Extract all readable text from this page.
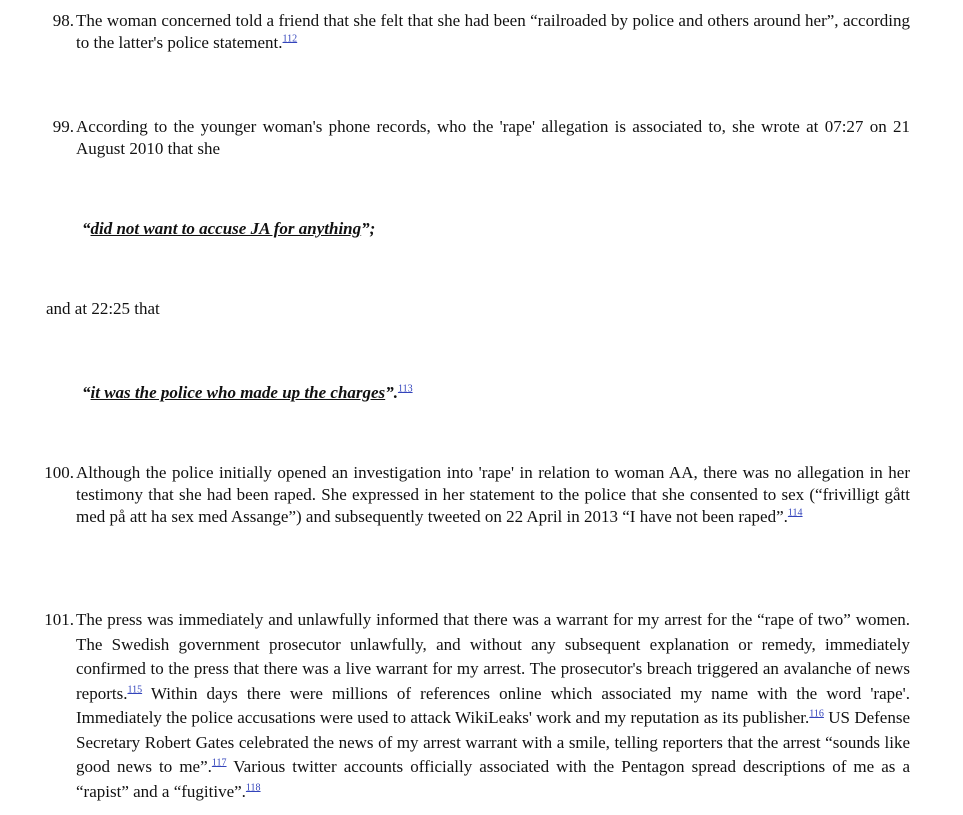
98. The woman concerned told a friend that she felt that she had been “railroaded by police and others around her”, according to the latter's police statement.$^{112}$
99. According to the younger woman's phone records, who the 'rape' allegation is associated to, she wrote at 07:27 on 21 August 2010 that she
“did not want to accuse JA for anything”;
and at 22:25 that
“it was the police who made up the charges”.$^{113}$
100. Although the police initially opened an investigation into 'rape' in relation to woman AA, there was no allegation in her testimony that she had been raped. She expressed in her statement to the police that she consented to sex (“frivilligt gått med på att ha sex med Assange”) and subsequently tweeted on 22 April in 2013 “I have not been raped”.$^{114}$
101. The press was immediately and unlawfully informed that there was a warrant for my arrest for the “rape of two” women. The Swedish government prosecutor unlawfully, and without any subsequent explanation or remedy, immediately confirmed to the press that there was a live warrant for my arrest. The prosecutor's breach triggered an avalanche of news reports.$^{115}$ Within days there were millions of references online which associated my name with the word 'rape'. Immediately the police accusations were used to attack WikiLeaks' work and my reputation as its publisher.$^{116}$ US Defense Secretary Robert Gates celebrated the news of my arrest warrant with a smile, telling reporters that the arrest “sounds like good news to me”.$^{117}$ Various twitter accounts officially associated with the Pentagon spread descriptions of me as a “rapist” and a “fugitive”.$^{118}$
